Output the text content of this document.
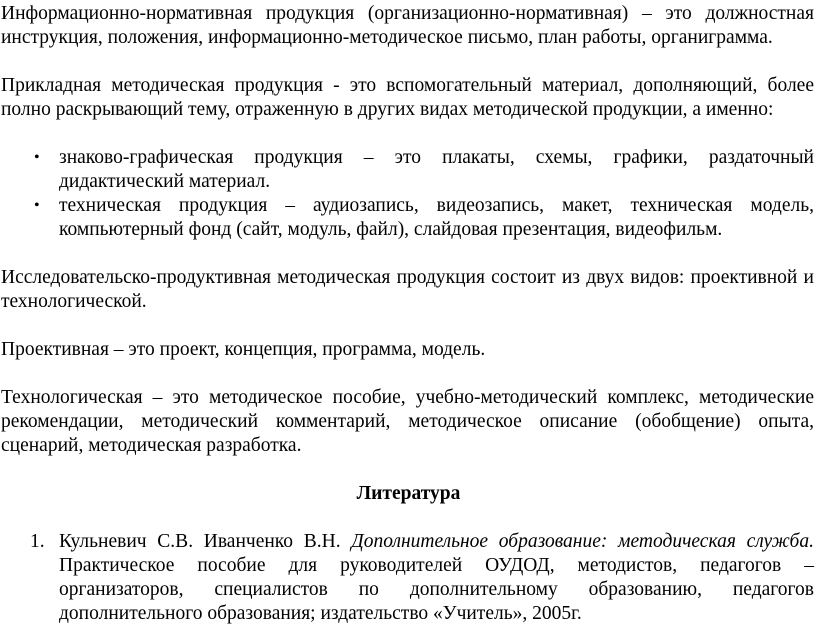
Информационно-нормативная продукция (организационно-нормативная) – это должностная инструкция, положения, информационно-методическое письмо, план работы, органиграмма.

Прикладная методическая продукция - это вспомогательный материал, дополняющий, более полно раскрывающий тему, отраженную в других видах методической продукции, а именно:

• знаково-графическая продукция – это плакаты, схемы, графики, раздаточный дидактический материал.
• техническая продукция – аудиозапись, видеозапись, макет, техническая модель, компьютерный фонд (сайт, модуль, файл), слайдовая презентация, видеофильм.

Исследовательско-продуктивная методическая продукция состоит из двух видов: проективной и технологической.

Проективная – это проект, концепция, программа, модель.

Технологическая – это методическое пособие, учебно-методический комплекс, методические рекомендации, методический комментарий, методическое описание (обобщение) опыта, сценарий, методическая разработка.

Литература

1. Кульневич С.В. Иванченко В.Н. Дополнительное образование: методическая служба. Практическое пособие для руководителей ОУДОД, методистов, педагогов – организаторов, специалистов по дополнительному образованию, педагогов дополнительного образования; издательство «Учитель», 2005г.
